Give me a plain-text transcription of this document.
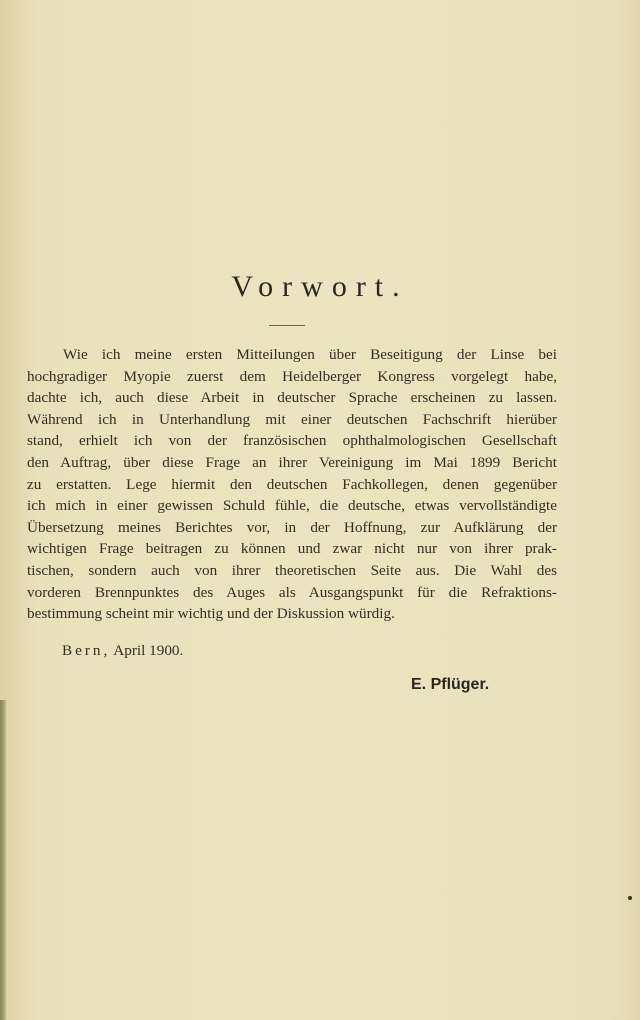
Vorwort.
Wie ich meine ersten Mitteilungen über Beseitigung der Linse bei
hochgradiger Myopie zuerst dem Heidelberger Kongress vorgelegt habe,
dachte ich, auch diese Arbeit in deutscher Sprache erscheinen zu lassen.
Während ich in Unterhandlung mit einer deutschen Fachschrift hierüber
stand, erhielt ich von der französischen ophthalmologischen Gesellschaft
den Auftrag, über diese Frage an ihrer Vereinigung im Mai 1899 Bericht
zu erstatten. Lege hiermit den deutschen Fachkollegen, denen gegenüber
ich mich in einer gewissen Schuld fühle, die deutsche, etwas vervollständigte
Übersetzung meines Berichtes vor, in der Hoffnung, zur Aufklärung der
wichtigen Frage beitragen zu können und zwar nicht nur von ihrer prak-
tischen, sondern auch von ihrer theoretischen Seite aus. Die Wahl des
vorderen Brennpunktes des Auges als Ausgangspunkt für die Refraktions-
bestimmung scheint mir wichtig und der Diskussion würdig.
Bern, April 1900.
E. Pflüger.
